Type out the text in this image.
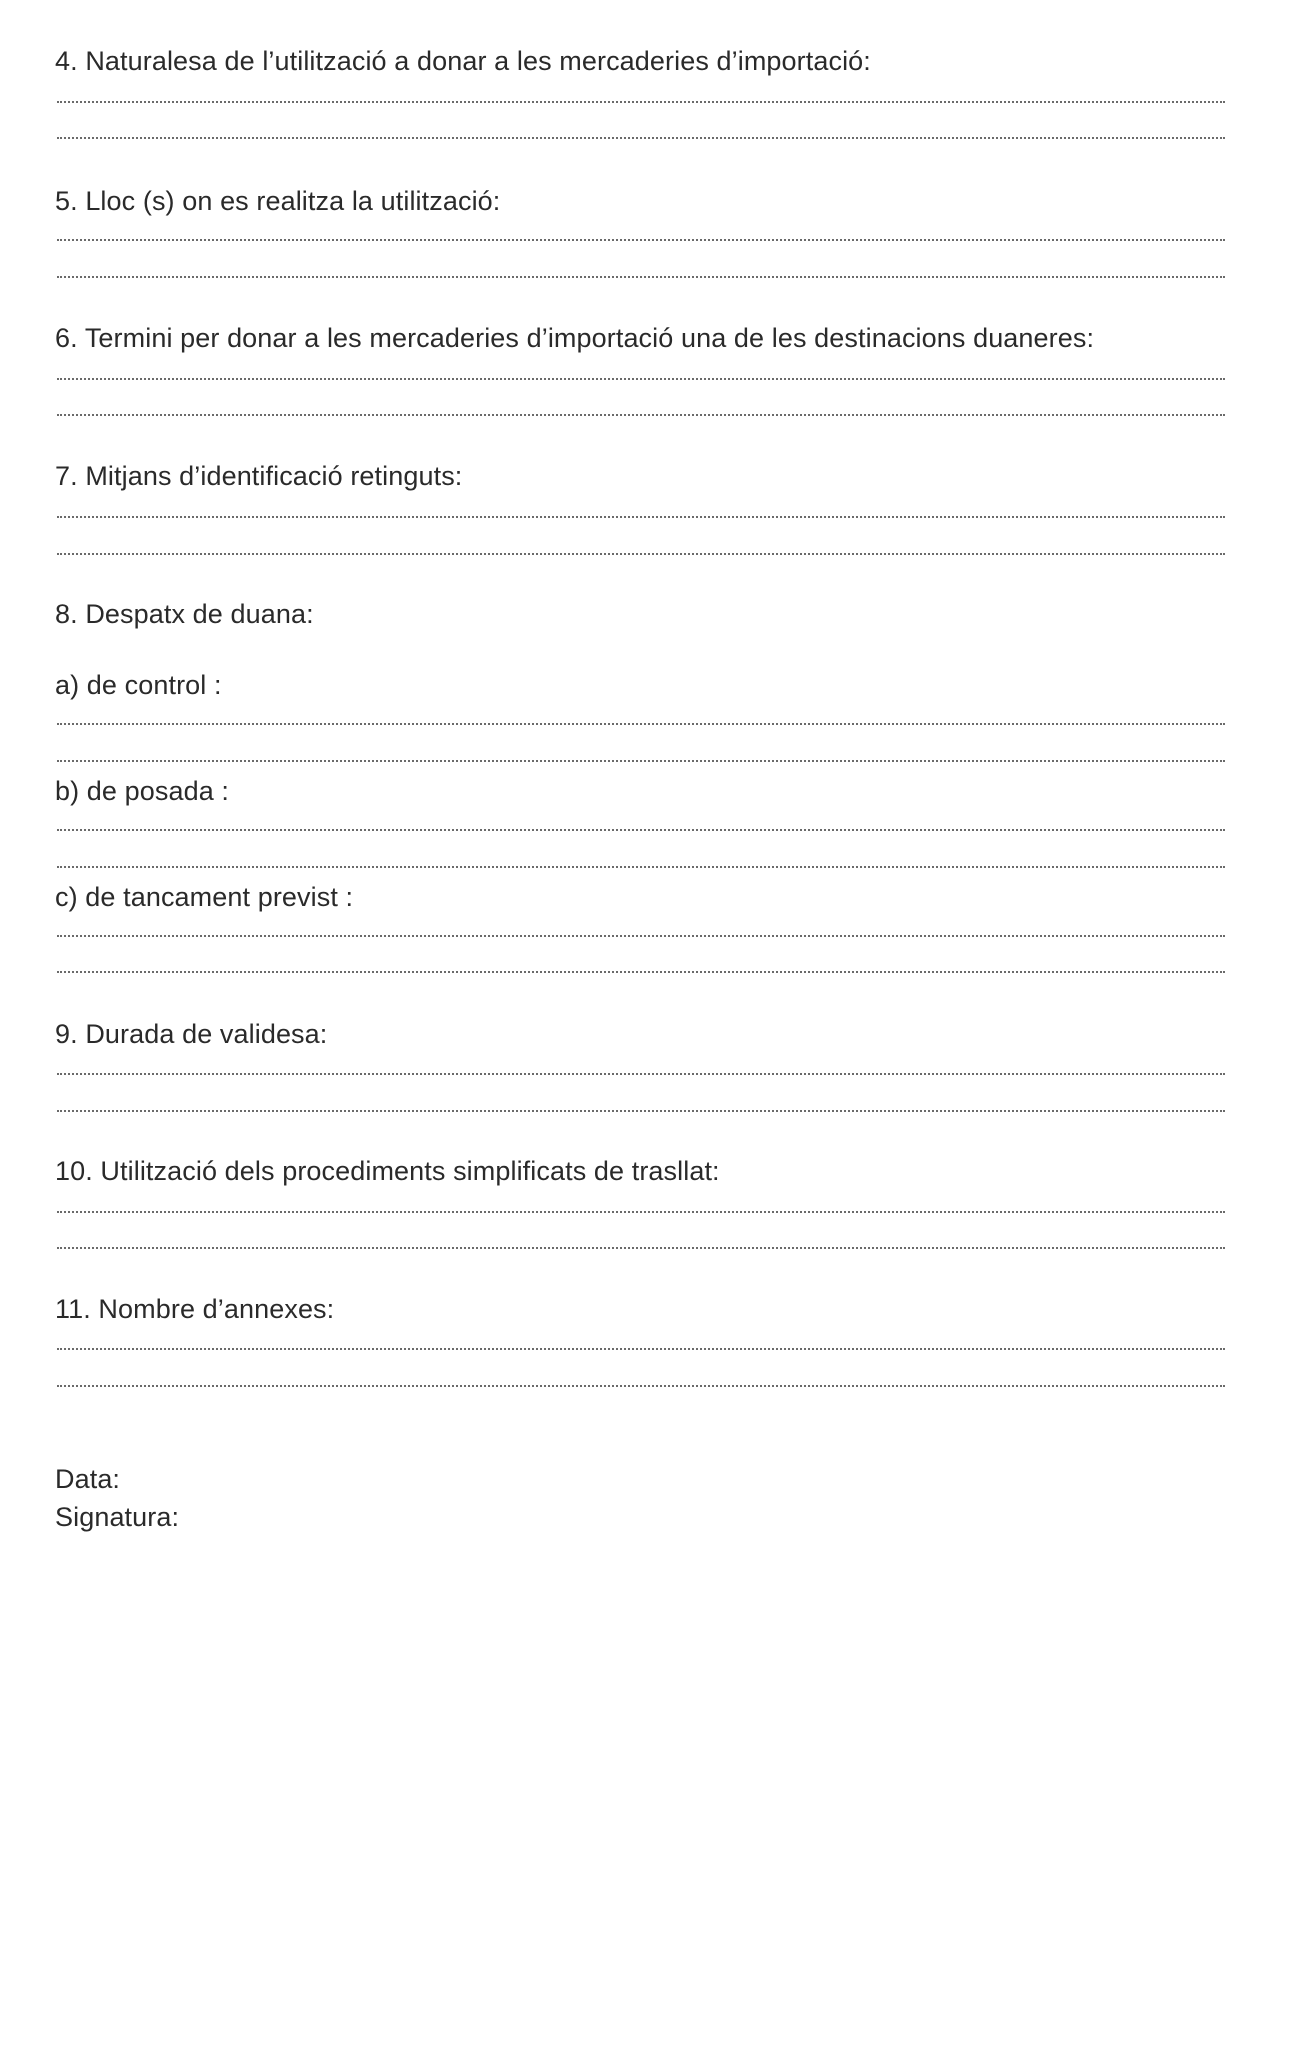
4. Naturalesa de l’utilització a donar a les mercaderies d’importació:
5. Lloc (s) on es realitza la utilització:
6. Termini per donar a les mercaderies d’importació una de les destinacions duaneres:
7. Mitjans d’identificació retinguts:
8. Despatx de duana:
a) de control :
b) de posada :
c) de tancament previst :
9. Durada de validesa:
10. Utilització dels procediments simplificats de trasllat:
11. Nombre d’annexes:
Data:
Signatura:
